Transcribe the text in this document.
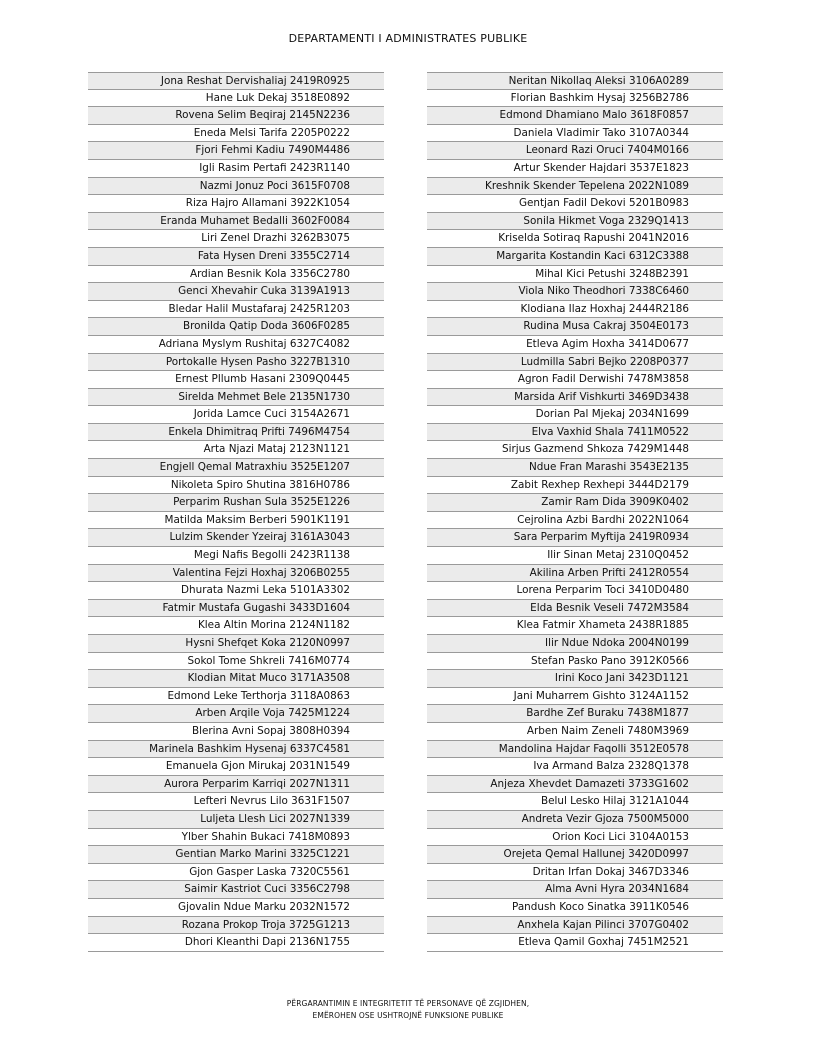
DEPARTAMENTI I ADMINISTRATES PUBLIKE
Jona Reshat Dervishaliaj 2419R0925
Hane Luk Dekaj 3518E0892
Rovena Selim Beqiraj 2145N2236
Eneda Melsi Tarifa 2205P0222
Fjori Fehmi Kadiu 7490M4486
Igli Rasim Pertafi 2423R1140
Nazmi Jonuz Poci 3615F0708
Riza Hajro Allamani 3922K1054
Eranda Muhamet Bedalli 3602F0084
Liri Zenel Drazhi 3262B3075
Fata Hysen Dreni 3355C2714
Ardian Besnik Kola 3356C2780
Genci Xhevahir Cuka 3139A1913
Bledar Halil Mustafaraj 2425R1203
Bronilda Qatip Doda 3606F0285
Adriana Myslym Rushitaj 6327C4082
Portokalle Hysen Pasho 3227B1310
Ernest Pllumb Hasani 2309Q0445
Sirelda Mehmet Bele 2135N1730
Jorida Lamce Cuci 3154A2671
Enkela Dhimitraq Prifti 7496M4754
Arta Njazi Mataj 2123N1121
Engjell Qemal Matraxhiu 3525E1207
Nikoleta Spiro Shutina 3816H0786
Perparim Rushan Sula 3525E1226
Matilda Maksim Berberi 5901K1191
Lulzim Skender Yzeiraj 3161A3043
Megi Nafis Begolli 2423R1138
Valentina Fejzi Hoxhaj 3206B0255
Dhurata Nazmi Leka 5101A3302
Fatmir Mustafa Gugashi 3433D1604
Klea Altin Morina 2124N1182
Hysni Shefqet Koka 2120N0997
Sokol Tome Shkreli 7416M0774
Klodian Mitat Muco 3171A3508
Edmond Leke Terthorja 3118A0863
Arben Arqile Voja 7425M1224
Blerina Avni Sopaj 3808H0394
Marinela Bashkim Hysenaj 6337C4581
Emanuela Gjon Mirukaj 2031N1549
Aurora Perparim Karriqi 2027N1311
Lefteri Nevrus Lilo 3631F1507
Luljeta Llesh Lici 2027N1339
Ylber Shahin Bukaci 7418M0893
Gentian Marko Marini 3325C1221
Gjon Gasper Laska 7320C5561
Saimir Kastriot Cuci 3356C2798
Gjovalin Ndue Marku 2032N1572
Rozana Prokop Troja 3725G1213
Dhori Kleanthi Dapi 2136N1755
Neritan Nikollaq Aleksi 3106A0289
Florian Bashkim Hysaj 3256B2786
Edmond Dhamiano Malo 3618F0857
Daniela Vladimir Tako 3107A0344
Leonard Razi Oruci 7404M0166
Artur Skender Hajdari 3537E1823
Kreshnik Skender Tepelena 2022N1089
Gentjan Fadil Dekovi 5201B0983
Sonila Hikmet Voga 2329Q1413
Kriselda Sotiraq Rapushi 2041N2016
Margarita Kostandin Kaci 6312C3388
Mihal Kici Petushi 3248B2391
Viola Niko Theodhori 7338C6460
Klodiana Ilaz Hoxhaj 2444R2186
Rudina Musa Cakraj 3504E0173
Etleva Agim Hoxha 3414D0677
Ludmilla Sabri Bejko 2208P0377
Agron Fadil Derwishi 7478M3858
Marsida Arif Vishkurti 3469D3438
Dorian Pal Mjekaj 2034N1699
Elva Vaxhid Shala 7411M0522
Sirjus Gazmend Shkoza 7429M1448
Ndue Fran Marashi 3543E2135
Zabit Rexhep Rexhepi 3444D2179
Zamir Ram Dida 3909K0402
Cejrolina Azbi Bardhi 2022N1064
Sara Perparim Myftija 2419R0934
Ilir Sinan Metaj 2310Q0452
Akilina Arben Prifti 2412R0554
Lorena Perparim Toci 3410D0480
Elda Besnik Veseli 7472M3584
Klea Fatmir Xhameta 2438R1885
Ilir Ndue Ndoka 2004N0199
Stefan Pasko Pano 3912K0566
Irini Koco Jani 3423D1121
Jani Muharrem Gishto 3124A1152
Bardhe Zef Buraku 7438M1877
Arben Naim Zeneli 7480M3969
Mandolina Hajdar Faqolli 3512E0578
Iva Armand Balza 2328Q1378
Anjeza Xhevdet Damazeti 3733G1602
Belul Lesko Hilaj 3121A1044
Andreta Vezir Gjoza 7500M5000
Orion Koci Lici 3104A0153
Orejeta Qemal Hallunej 3420D0997
Dritan Irfan Dokaj 3467D3346
Alma Avni Hyra 2034N1684
Pandush Koco Sinatka 3911K0546
Anxhela Kajan Pilinci 3707G0402
Etleva Qamil Goxhaj 7451M2521
PËRGARANTIMIN E INTEGRITETIT TË PERSONAVE QË ZGJIDHEN,
EMËROHEN OSE USHTROJNË FUNKSIONE PUBLIKE
